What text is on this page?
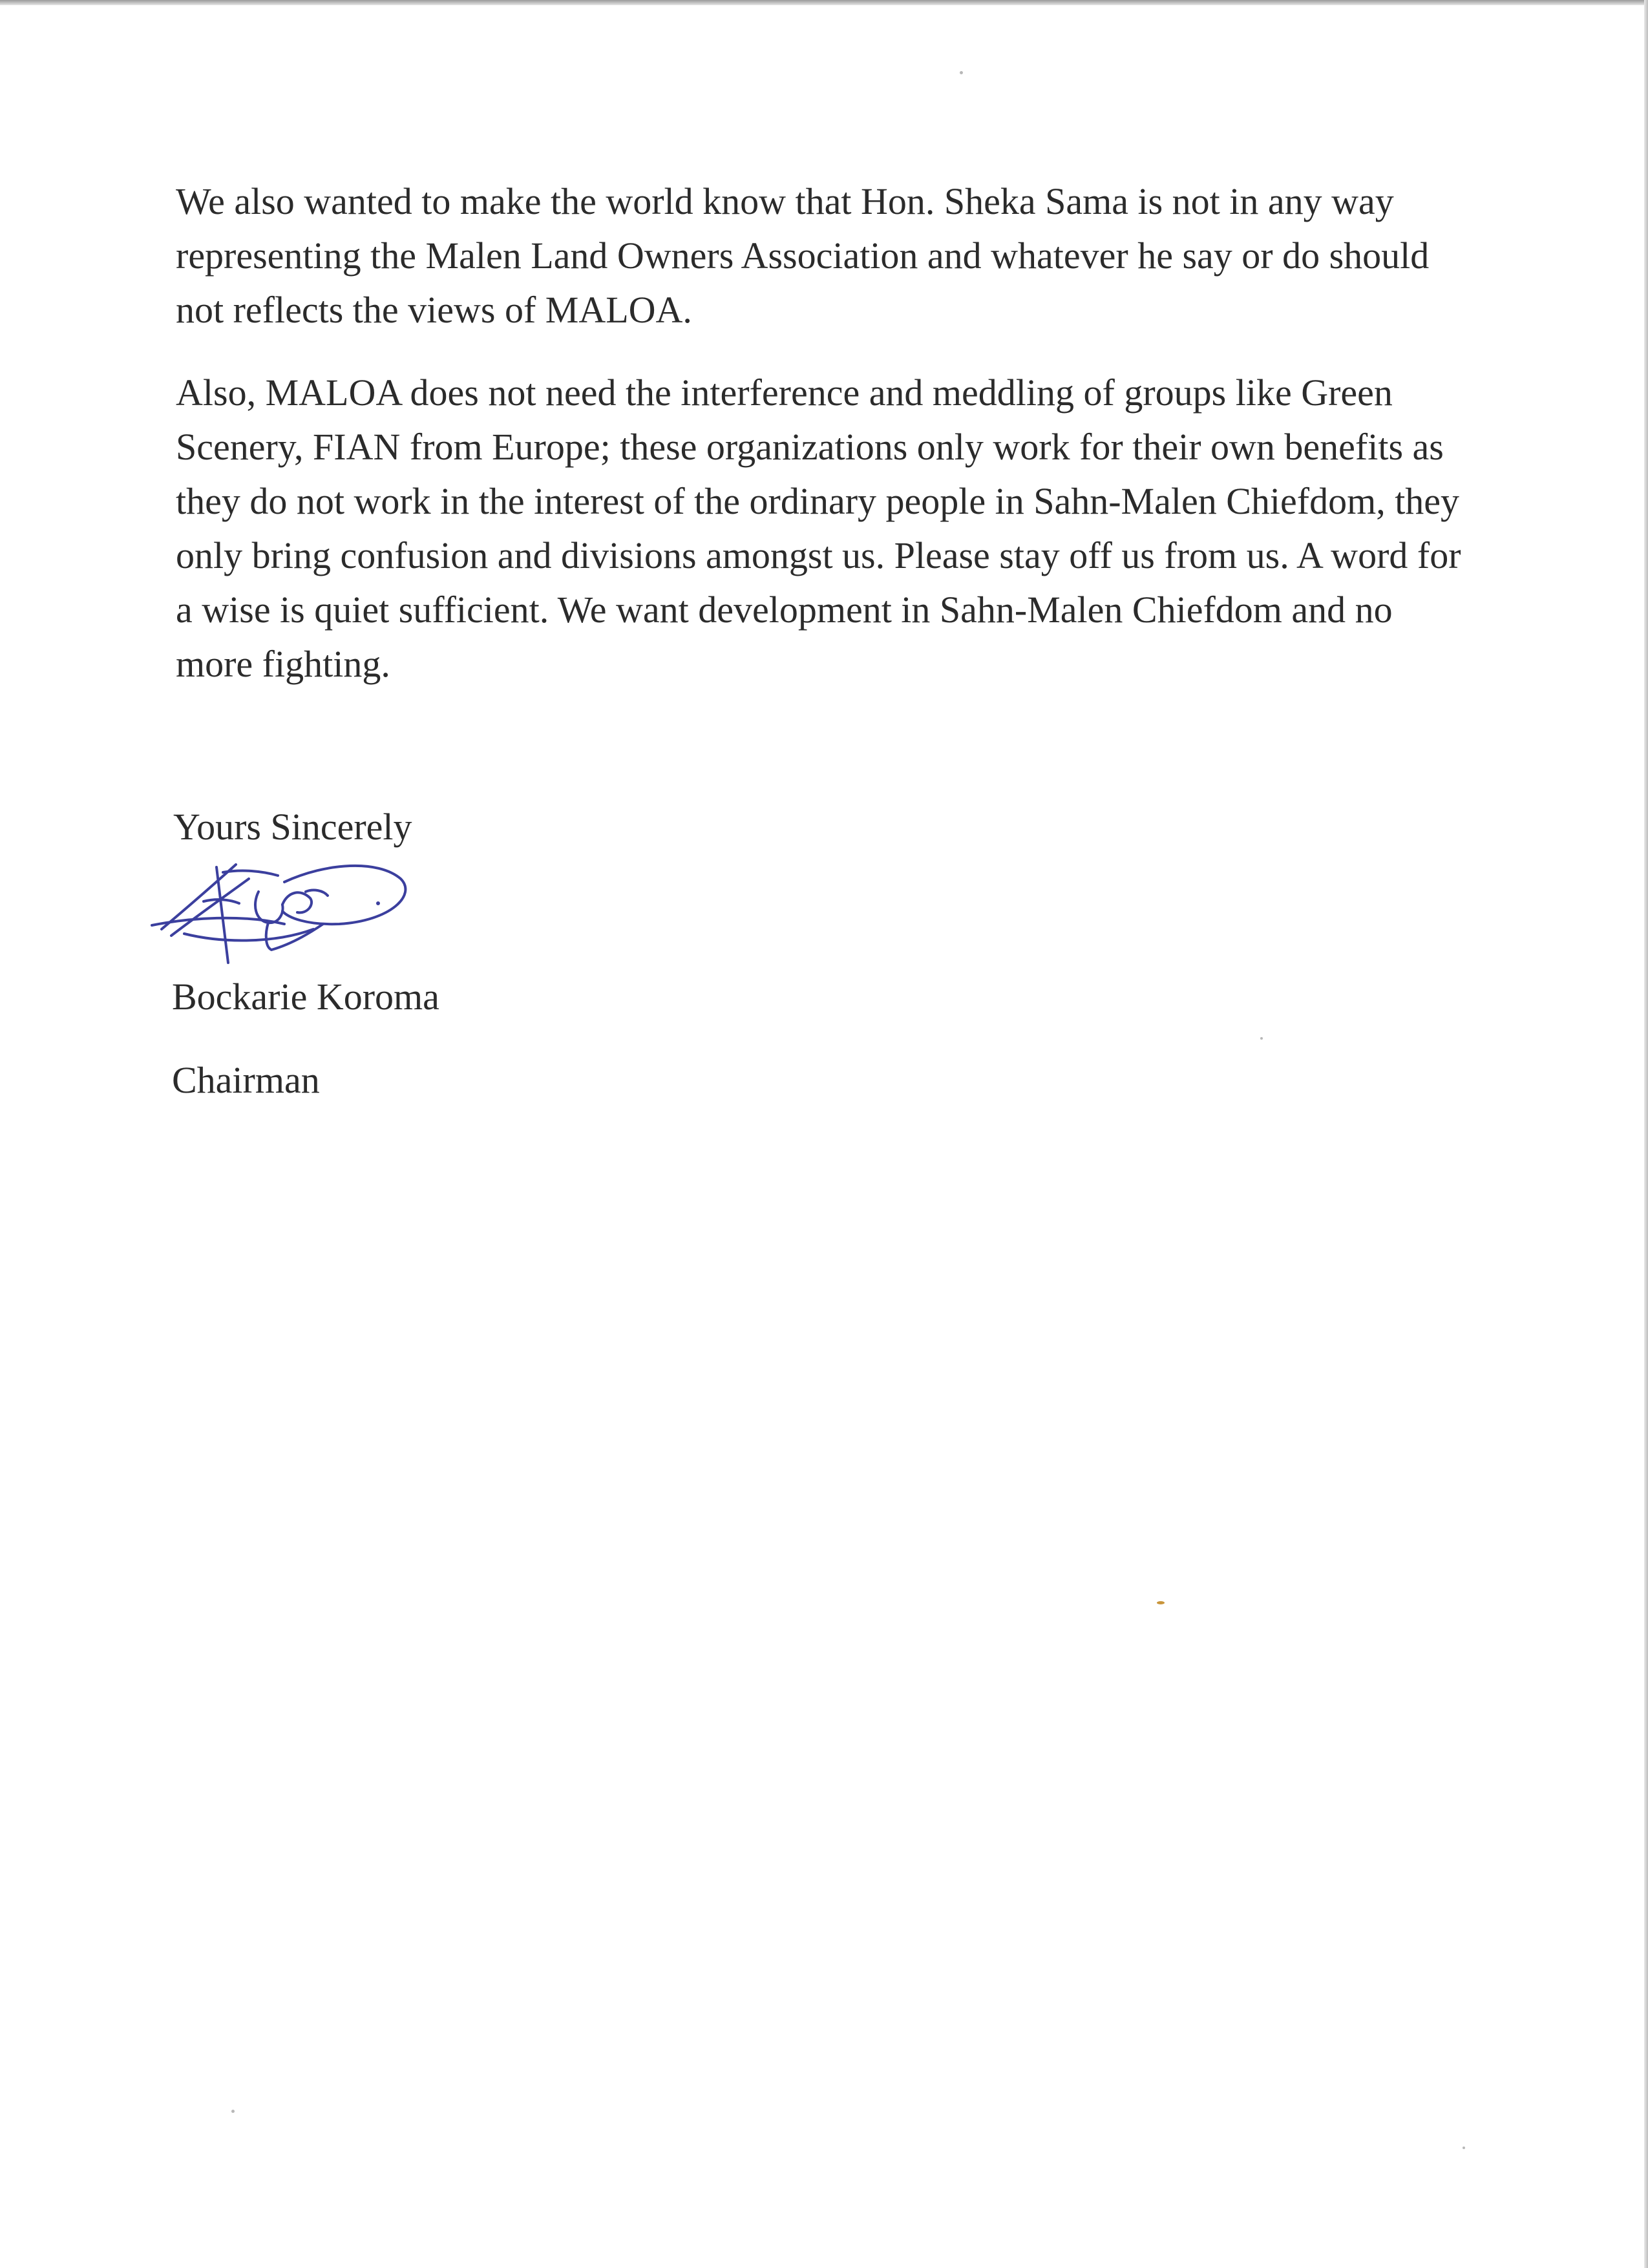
We also wanted to make the world know that Hon. Sheka Sama is not in any way representing the Malen Land Owners Association and whatever he say or do should not reflects the views of MALOA.

Also, MALOA does not need the interference and meddling of groups like Green Scenery, FIAN from Europe; these organizations only work for their own benefits as they do not work in the interest of the ordinary people in Sahn-Malen Chiefdom, they only bring confusion and divisions amongst us. Please stay off us from us. A word for a wise is quiet sufficient. We want development in Sahn-Malen Chiefdom and no more fighting.

Yours Sincerely
Bockarie Koroma
Chairman
